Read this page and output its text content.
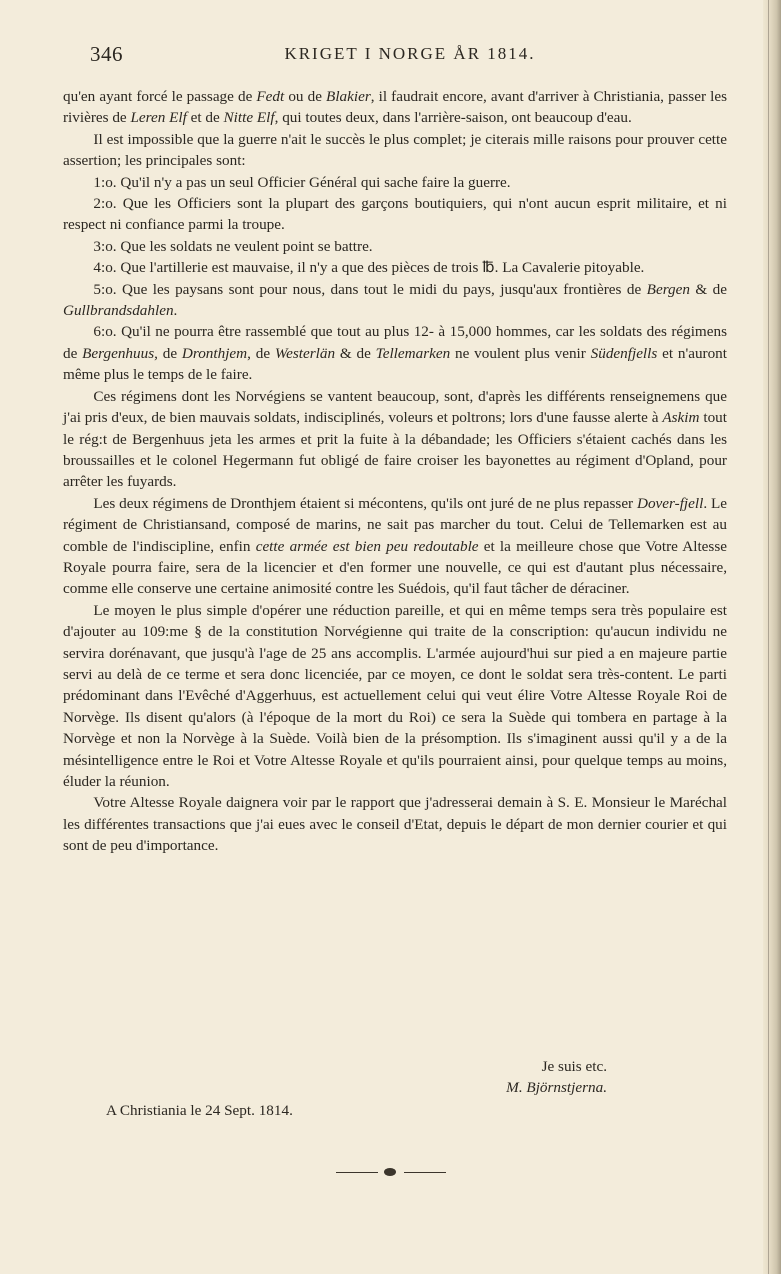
346	KRIGET I NORGE ÅR 1814.

qu'en ayant forcé le passage de Fedt ou de Blakier, il faudrait encore, avant d'arriver à Christiania, passer les rivières de Leren Elf et de Nitte Elf, qui toutes deux, dans l'arrière-saison, ont beaucoup d'eau.

Il est impossible que la guerre n'ait le succès le plus complet; je citerais mille raisons pour prouver cette assertion; les principales sont:

1:o. Qu'il n'y a pas un seul Officier Général qui sache faire la guerre.

2:o. Que les Officiers sont la plupart des garçons boutiquiers, qui n'ont aucun esprit militaire, et ni respect ni confiance parmi la troupe.

3:o. Que les soldats ne veulent point se battre.

4:o. Que l'artillerie est mauvaise, il n'y a que des pièces de trois ℔. La Cavalerie pitoyable.

5:o. Que les paysans sont pour nous, dans tout le midi du pays, jusqu'aux frontières de Bergen & de Gullbrandsdahlen.

6:o. Qu'il ne pourra être rassemblé que tout au plus 12- à 15,000 hommes, car les soldats des régimens de Bergenhuus, de Dronthjem, de Westerlän & de Tellemarken ne voulent plus venir Südenfjells et n'auront même plus le temps de le faire.

Ces régimens dont les Norvégiens se vantent beaucoup, sont, d'après les différents renseignemens que j'ai pris d'eux, de bien mauvais soldats, indisciplinés, voleurs et poltrons; lors d'une fausse alerte à Askim tout le rég:t de Bergenhuus jeta les armes et prit la fuite à la débandade; les Officiers s'étaient cachés dans les broussailles et le colonel Hegermann fut obligé de faire croiser les bayonettes au régiment d'Opland, pour arrêter les fuyards.

Les deux régimens de Dronthjem étaient si mécontens, qu'ils ont juré de ne plus repasser Dover-fjell. Le régiment de Christiansand, composé de marins, ne sait pas marcher du tout. Celui de Tellemarken est au comble de l'indiscipline, enfin cette armée est bien peu redoutable et la meilleure chose que Votre Altesse Royale pourra faire, sera de la licencier et d'en former une nouvelle, ce qui est d'autant plus nécessaire, comme elle conserve une certaine animosité contre les Suédois, qu'il faut tâcher de déraciner.

Le moyen le plus simple d'opérer une réduction pareille, et qui en même temps sera très populaire est d'ajouter au 109:me § de la constitution Norvégienne qui traite de la conscription: qu'aucun individu ne servira dorénavant, que jusqu'à l'age de 25 ans accomplis. L'armée aujourd'hui sur pied a en majeure partie servi au delà de ce terme et sera donc licenciée, par ce moyen, ce dont le soldat sera très-content. Le parti prédominant dans l'Evêché d'Aggerhuus, est actuellement celui qui veut élire Votre Altesse Royale Roi de Norvège. Ils disent qu'alors (à l'époque de la mort du Roi) ce sera la Suède qui tombera en partage à la Norvège et non la Norvège à la Suède. Voilà bien de la présomption. Ils s'imaginent aussi qu'il y a de la mésintelligence entre le Roi et Votre Altesse Royale et qu'ils pourraient ainsi, pour quelque temps au moins, éluder la réunion.

Votre Altesse Royale daignera voir par le rapport que j'adresserai demain à S. E. Monsieur le Maréchal les différentes transactions que j'ai eues avec le conseil d'Etat, depuis le départ de mon dernier courier et qui sont de peu d'importance.

Je suis etc.
M. Björnstjerna.
A Christiania le 24 Sept. 1814.
